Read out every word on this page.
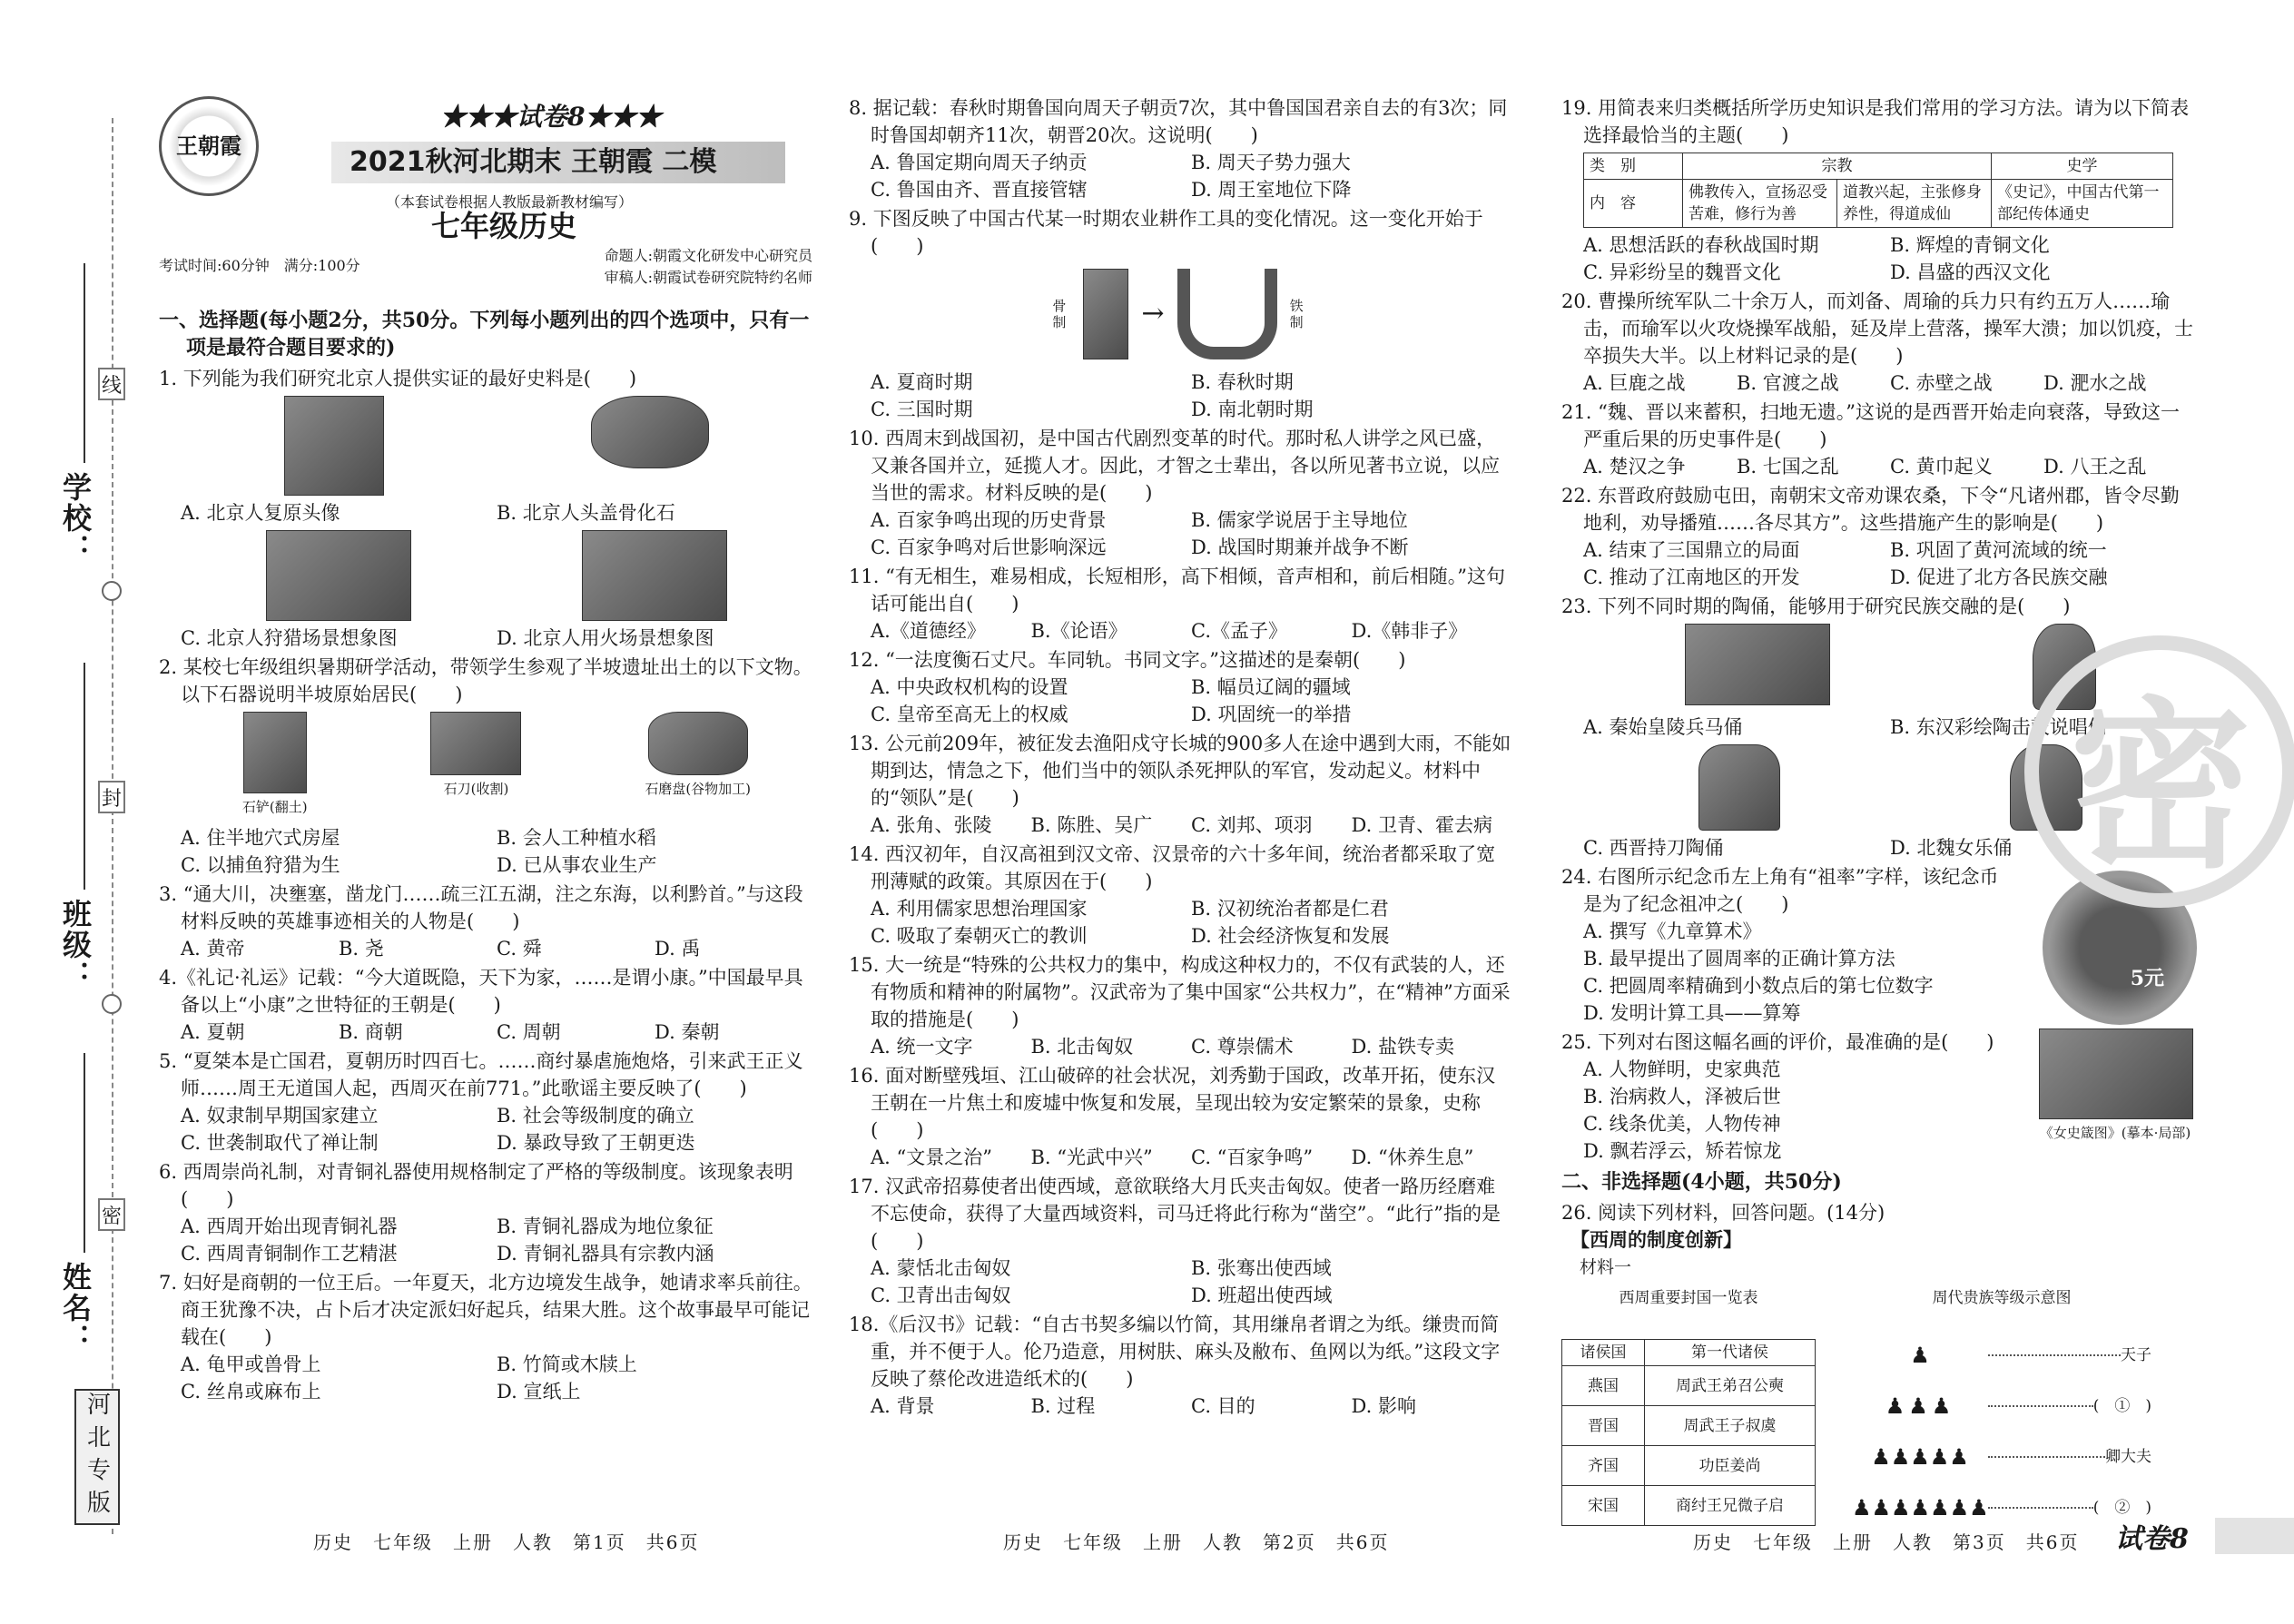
线
封
密
学校：
班级：
姓名：
河北专版
王朝霞
★★★试卷8★★★
2021秋河北期末 王朝霞 二模
（本套试卷根据人教版最新教材编写）
七年级历史
考试时间:60分钟　满分:100分
命题人:朝霞文化研发中心研究员
审稿人:朝霞试卷研究院特约名师
一、选择题(每小题2分，共50分。下列每小题列出的四个选项中，只有一项是最符合题目要求的)
1. 下列能为我们研究北京人提供实证的最好史料是(　　)
A. 北京人复原头像	B. 北京人头盖骨化石
C. 北京人狩猎场景想象图	D. 北京人用火场景想象图
2. 某校七年级组织暑期研学活动，带领学生参观了半坡遗址出土的以下文物。以下石器说明半坡原始居民(　　)
石铲(翻土)
石刀(收割)	石磨盘(谷物加工)
A. 住半地穴式房屋	B. 会人工种植水稻
C. 以捕鱼狩猎为生	D. 已从事农业生产
3. “通大川，决壅塞，凿龙门……疏三江五湖，注之东海，以利黔首。”与这段材料反映的英雄事迹相关的人物是(　　)
A. 黄帝	B. 尧	C. 舜	D. 禹
4.《礼记·礼运》记载：“今大道既隐，天下为家，……是谓小康。”中国最早具备以上“小康”之世特征的王朝是(　　)
A. 夏朝	B. 商朝	C. 周朝	D. 秦朝
5. “夏桀本是亡国君，夏朝历时四百七。……商纣暴虐施炮烙，引来武王正义师……周王无道国人起，西周灭在前771。”此歌谣主要反映了(　　)
A. 奴隶制早期国家建立	B. 社会等级制度的确立
C. 世袭制取代了禅让制	D. 暴政导致了王朝更迭
6. 西周崇尚礼制，对青铜礼器使用规格制定了严格的等级制度。该现象表明(　　)
A. 西周开始出现青铜礼器	B. 青铜礼器成为地位象征
C. 西周青铜制作工艺精湛	D. 青铜礼器具有宗教内涵
7. 妇好是商朝的一位王后。一年夏天，北方边境发生战争，她请求率兵前往。商王犹豫不决，占卜后才决定派妇好起兵，结果大胜。这个故事最早可能记载在(　　)
A. 龟甲或兽骨上	B. 竹简或木牍上
C. 丝帛或麻布上	D. 宣纸上
8. 据记载：春秋时期鲁国向周天子朝贡7次，其中鲁国国君亲自去的有3次；同时鲁国却朝齐11次，朝晋20次。这说明(　　)
A. 鲁国定期向周天子纳贡	B. 周天子势力强大
C. 鲁国由齐、晋直接管辖	D. 周王室地位下降
9. 下图反映了中国古代某一时期农业耕作工具的变化情况。这一变化开始于(　　)
骨制	→	铁制
A. 夏商时期	B. 春秋时期
C. 三国时期	D. 南北朝时期
10. 西周末到战国初，是中国古代剧烈变革的时代。那时私人讲学之风已盛，又兼各国并立，延揽人才。因此，才智之士辈出，各以所见著书立说，以应当世的需求。材料反映的是(　　)
A. 百家争鸣出现的历史背景	B. 儒家学说居于主导地位
C. 百家争鸣对后世影响深远	D. 战国时期兼并战争不断
11. “有无相生，难易相成，长短相形，高下相倾，音声相和，前后相随。”这句话可能出自(　　)
A.《道德经》	B.《论语》	C.《孟子》	D.《韩非子》
12. “一法度衡石丈尺。车同轨。书同文字。”这描述的是秦朝(　　)
A. 中央政权机构的设置	B. 幅员辽阔的疆域
C. 皇帝至高无上的权威	D. 巩固统一的举措
13. 公元前209年，被征发去渔阳戍守长城的900多人在途中遇到大雨，不能如期到达，情急之下，他们当中的领队杀死押队的军官，发动起义。材料中的“领队”是(　　)
A. 张角、张陵	B. 陈胜、吴广	C. 刘邦、项羽	D. 卫青、霍去病
14. 西汉初年，自汉高祖到汉文帝、汉景帝的六十多年间，统治者都采取了宽刑薄赋的政策。其原因在于(　　)
A. 利用儒家思想治理国家	B. 汉初统治者都是仁君
C. 吸取了秦朝灭亡的教训	D. 社会经济恢复和发展
15. 大一统是“特殊的公共权力的集中，构成这种权力的，不仅有武装的人，还有物质和精神的附属物”。汉武帝为了集中国家“公共权力”，在“精神”方面采取的措施是(　　)
A. 统一文字	B. 北击匈奴	C. 尊崇儒术	D. 盐铁专卖
16. 面对断壁残垣、江山破碎的社会状况，刘秀勤于国政，改革开拓，使东汉王朝在一片焦土和废墟中恢复和发展，呈现出较为安定繁荣的景象，史称(　　)
A. “文景之治”	B. “光武中兴”	C. “百家争鸣”	D. “休养生息”
17. 汉武帝招募使者出使西域，意欲联络大月氏夹击匈奴。使者一路历经磨难不忘使命，获得了大量西域资料，司马迁将此行称为“凿空”。“此行”指的是(　　)
A. 蒙恬北击匈奴	B. 张骞出使西域
C. 卫青出击匈奴	D. 班超出使西域
18.《后汉书》记载：“自古书契多编以竹简，其用缣帛者谓之为纸。缣贵而简重，并不便于人。伦乃造意，用树肤、麻头及敝布、鱼网以为纸。”这段文字反映了蔡伦改进造纸术的(　　)
A. 背景	B. 过程	C. 目的	D. 影响
19. 用简表来归类概括所学历史知识是我们常用的学习方法。请为以下简表选择最恰当的主题(　　)
类　别	宗教		史学
内　容	佛教传入，宣扬忍受苦难，修行为善	道教兴起，主张修身养性，得道成仙	《史记》，中国古代第一部纪传体通史
A. 思想活跃的春秋战国时期	B. 辉煌的青铜文化
C. 异彩纷呈的魏晋文化	D. 昌盛的西汉文化
20. 曹操所统军队二十余万人，而刘备、周瑜的兵力只有约五万人……瑜击，而瑜军以火攻烧操军战船，延及岸上营落，操军大溃；加以饥疫，士卒损失大半。以上材料记录的是(　　)
A. 巨鹿之战	B. 官渡之战	C. 赤壁之战	D. 淝水之战
21. “魏、晋以来蓄积，扫地无遗。”这说的是西晋开始走向衰落，导致这一严重后果的历史事件是(　　)
A. 楚汉之争	B. 七国之乱	C. 黄巾起义	D. 八王之乱
22. 东晋政府鼓励屯田，南朝宋文帝劝课农桑，下令“凡诸州郡，皆令尽勤地利，劝导播殖……各尽其方”。这些措施产生的影响是(　　)
A. 结束了三国鼎立的局面	B. 巩固了黄河流域的统一
C. 推动了江南地区的开发	D. 促进了北方各民族交融
23. 下列不同时期的陶俑，能够用于研究民族交融的是(　　)
A. 秦始皇陵兵马俑	B. 东汉彩绘陶击鼓说唱俑
C. 西晋持刀陶俑	D. 北魏女乐俑
24. 右图所示纪念币左上角有“祖率”字样，该纪念币是为了纪念祖冲之(　　)
5元
A. 撰写《九章算术》
B. 最早提出了圆周率的正确计算方法
C. 把圆周率精确到小数点后的第七位数字
D. 发明计算工具——算筹
25. 下列对右图这幅名画的评价，最准确的是(　　)
《女史箴图》(摹本·局部)
A. 人物鲜明，史家典范
B. 治病救人，泽被后世
C. 线条优美，人物传神
D. 飘若浮云，矫若惊龙
二、非选择题(4小题，共50分)
26. 阅读下列材料，回答问题。(14分)
【西周的制度创新】
材料一
西周重要封国一览表
诸侯国	第一代诸侯
燕国	周武王弟召公奭
晋国	周武王子叔虞
齐国	功臣姜尚
宋国	商纣王兄微子启
周代贵族等级示意图
♟	天子
♟♟♟	(　①　)
♟♟♟♟♟	卿大夫
♟♟♟♟♟♟♟	(　②　)
密
历史　七年级　上册　人教　第1页　共6页	历史　七年级　上册　人教　第2页　共6页	历史　七年级　上册　人教　第3页　共6页 试卷8
